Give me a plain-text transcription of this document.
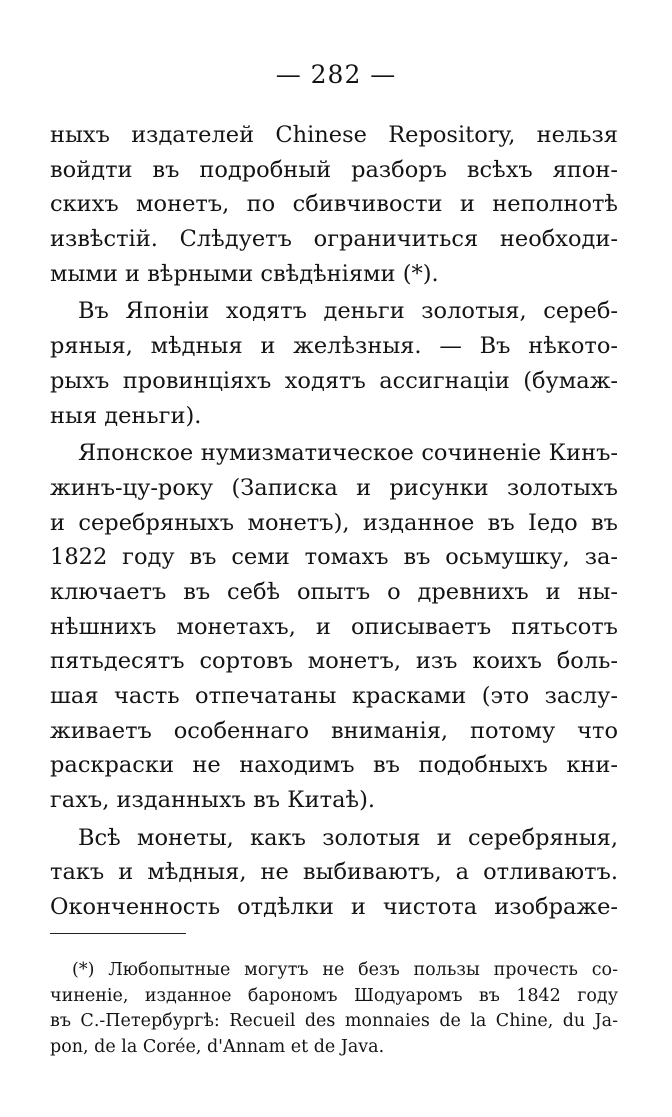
— 282 —
ныхъ издателей Chinese Repository, нельзя
войдти въ подробный разборъ всѣхъ япон-
скихъ монетъ, по сбивчивости и неполнотѣ
извѣстій. Слѣдуетъ ограничиться необходи-
мыми и вѣрными свѣдѣніями (*).
Въ Японіи ходятъ деньги золотыя, сереб-
ряныя, мѣдныя и желѣзныя. — Въ нѣкото-
рыхъ провинціяхъ ходятъ ассигнаціи (бумаж-
ныя деньги).
Японское нумизматическое сочиненіе Кинъ-
жинъ-цу-року (Записка и рисунки золотыхъ
и серебряныхъ монетъ), изданное въ Іедо въ
1822 году въ семи томахъ въ осьмушку, за-
ключаетъ въ себѣ опытъ о древнихъ и ны-
нѣшнихъ монетахъ, и описываетъ пятьсотъ
пятьдесятъ сортовъ монетъ, изъ коихъ боль-
шая часть отпечатаны красками (это заслу-
живаетъ особеннаго вниманія, потому что
раскраски не находимъ въ подобныхъ кни-
гахъ, изданныхъ въ Китаѣ).
Всѣ монеты, какъ золотыя и серебряныя,
такъ и мѣдныя, не выбиваютъ, а отливаютъ.
Оконченность отдѣлки и чистота изображе-
(*) Любопытные могутъ не безъ пользы прочесть со-
чиненіе, изданное барономъ Шодуаромъ въ 1842 году
въ С.-Петербургѣ: Recueil des monnaies de la Chine, du Ja-
pon, de la Corée, d'Annam et de Java.
